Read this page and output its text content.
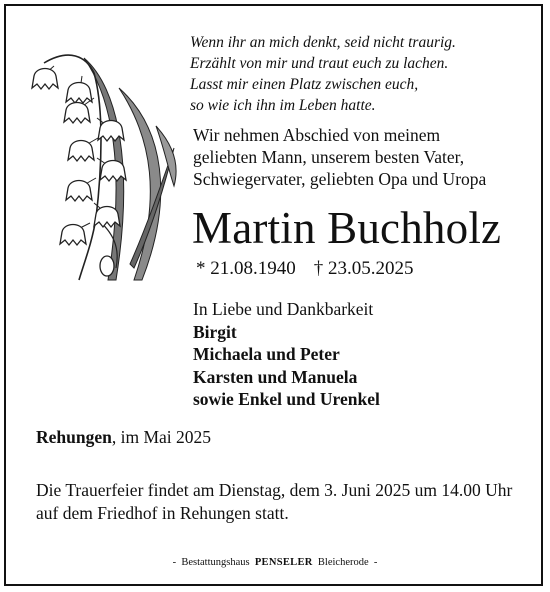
Wenn ihr an mich denkt, seid nicht traurig.
Erzählt von mir und traut euch zu lachen.
Lasst mir einen Platz zwischen euch,
so wie ich ihn im Leben hatte.
Wir nehmen Abschied von meinem
geliebten Mann, unserem besten Vater,
Schwiegervater, geliebten Opa und Uropa
Martin Buchholz
* 21.08.1940 † 23.05.2025
In Liebe und Dankbarkeit
Birgit
Michaela und Peter
Karsten und Manuela
sowie Enkel und Urenkel
Rehungen, im Mai 2025
Die Trauerfeier findet am Dienstag, dem 3. Juni 2025 um 14.00 Uhr auf dem Friedhof in Rehungen statt.
- Bestattungshaus PENSELER Bleicherode -
